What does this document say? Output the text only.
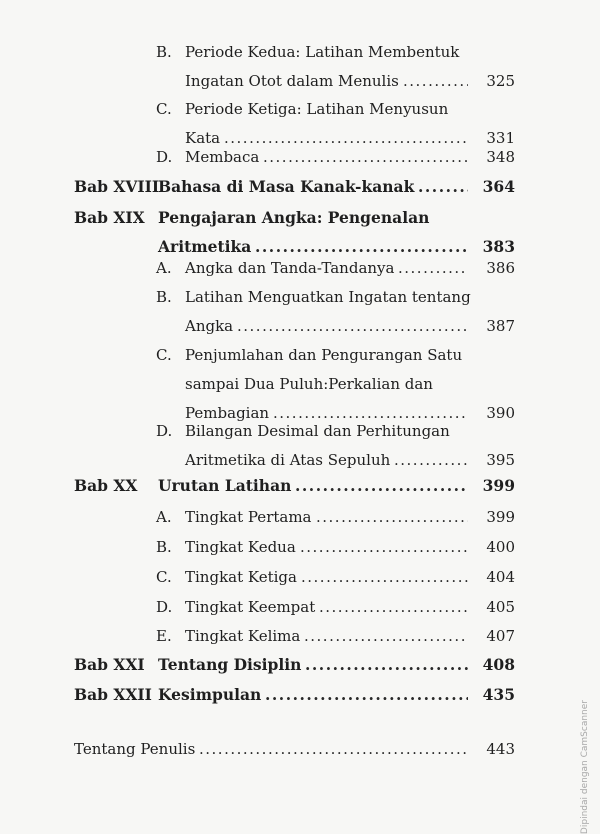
B. Periode Kedua: Latihan Membentuk
Ingatan Otot dalam Menulis	325
.....
C. Periode Ketiga: Latihan Menyusun
Kata	331
.....
D. Membaca	348
.....
Bab XVIII
Bahasa di Masa Kanak-kanak	364
.....
Bab XIX Pengajaran Angka: Pengenalan
Aritmetika	383
.....
A. Angka dan Tanda-Tandanya	386
.....
B. Latihan Menguatkan Ingatan tentang
Angka	387
.....
C. Penjumlahan dan Pengurangan Satu
sampai Dua Puluh:Perkalian dan
Pembagian	390
.....
D. Bilangan Desimal dan Perhitungan
Aritmetika di Atas Sepuluh	395
.....
Bab XX Urutan Latihan	399
.....
A. Tingkat Pertama	399
.....
B. Tingkat Kedua	400
.....
C. Tingkat Ketiga	404
.....
D. Tingkat Keempat	405
.....
E. Tingkat Kelima	407
.....
Bab XXI Tentang Disiplin	408
.....
Bab XXII Kesimpulan	435
.....
Tentang Penulis	443 .....	Dipindai dengan CamScanner
